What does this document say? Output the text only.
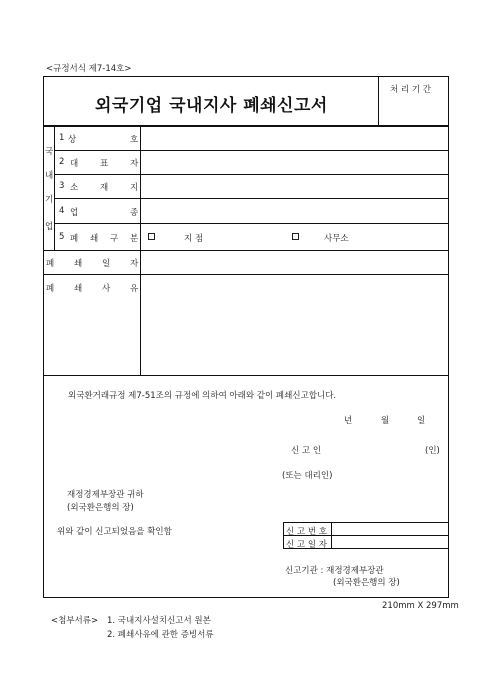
<규정서식 제7-14호>
외국기업 국내지사 폐쇄신고서
처 리 기 간
국
내
기
업
1 상	호
2 대	표	자
3 소	재	지
4 업	종
5 폐 쇄 구 분	지 점	사무소
폐 쇄 일 자
폐 쇄 사 유
외국환거래규정 제7-51조의 규정에 의하여 아래와 같이 폐쇄신고합니다.
년	월	일
신 고 인	(인)
(또는 대리인)
재정경제부장관 귀하
(외국환은행의 장)
위와 같이 신고되었음을 확인함	신 고 번 호
신 고 일 자
신고기관 : 재정경제부장관
(외국환은행의 장)
210mm X 297mm
<첨부서류> 1. 국내지사설치신고서 원본
2. 폐쇄사유에 관한 증빙서류
